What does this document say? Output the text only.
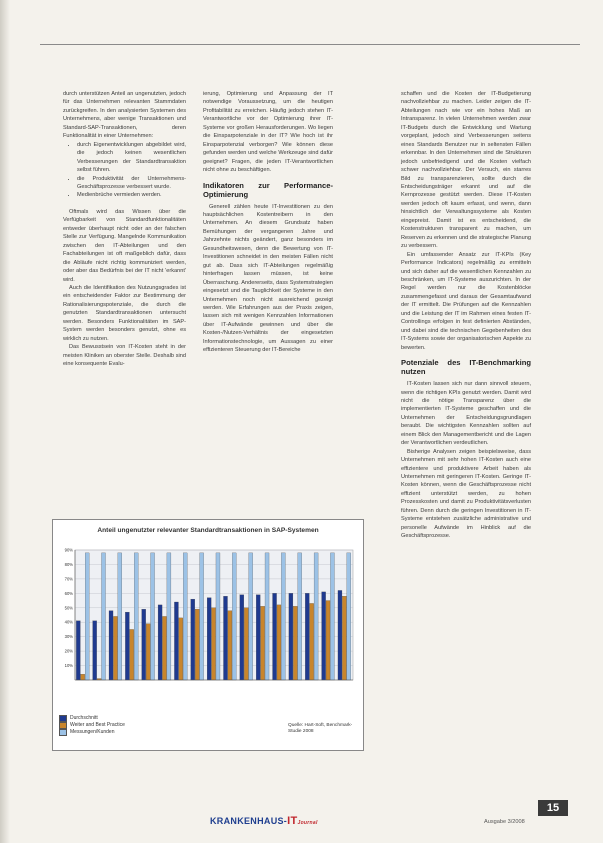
durch unterstützen Anteil an ungenutzten, jedoch für das Unternehmen relevanten Stammdaten zurückgreifen. In den analysierten Systemen des Unternehmens, aber wenige Transaktionen und Standard-SAP-Transaktionen, deren Funktionalität in einer Unternehmen:

• durch Eigenentwicklungen abgebildet wird, die jedoch keinen wesentlichen Verbesserungen der Standardtransaktion selbst führen.
• die Produktivität der Unternehmens-Geschäftsprozesse verbessert wurde.
• Medienbrüche vermieden werden.

Oftmals wird das Wissen über die Verfügbarkeit von Standardfunktionalitäten entweder überhaupt nicht oder an der falschen Stelle zur Verfügung. Mangelnde Kommunikation zwischen den IT-Abteilungen und den Fachabteilungen ist oft maßgeblich dafür, dass die Abläufe nicht richtig kommuniziert werden, oder aber das Bedürfnis bei der IT nicht 'erkannt' wird.

Auch die Identifikation des Nutzungsgrades ist ein entscheidender Faktor zur Bestimmung der Rationalisierungspotenziale, die durch die genutzten Standardtransaktionen untersucht werden. Besonders Funktionalitäten im SAP-System werden besonders genutzt, ohne es wirklich zu nutzen.

Das Bewusstsein von IT-Kosten steht in der meisten Kliniken an oberster Stelle. Deshalb sind eine konsequente Evalu-

ierung, Optimierung und Anpassung der IT notwendige Voraussetzung, um die heutigen Profitabilität zu erreichen. Häufig jedoch stehen IT-Verantwortliche vor der Optimierung ihrer IT-Systeme vor großen Herausforderungen. Wo liegen die Einsparpotenziale in der IT? Wie hoch ist ihr Einsparpotenzial verborgen? Wie können diese gefunden werden und welche Werkzeuge sind dafür geeignet? Fragen, die jeden IT-Verantwortlichen nicht ohne zu beschäftigen.

Indikatoren zur Performance-Optimierung

Generell zählen heute IT-Investitionen zu den hauptsächlichen Kostentreibern in den Unternehmen. An diesem Grundsatz haben Bemühungen der vergangenen Jahre und Jahrzehnte nichts geändert, ganz besonders im Gesundheitswesen, denn die Bewertung von IT-Investitionen schneidet in den meisten Fällen nicht gut ab. Dass sich IT-Abteilungen regelmäßig hinterfragen lassen müssen, ist keine Überraschung. Andererseits, dass Systemstrategien eingesetzt und die Tauglichkeit der Systeme in den Unternehmen noch nicht ausreichend gezeigt werden. Wie Erfahrungen aus der Praxis zeigen, lassen sich mit wenigen Kennzahlen Informationen über IT-Aufwände gewinnen und über die Kosten-/Nutzen-Verhältnis der eingesetzten Informationstechnologie, um Aussagen zu einer effizienteren Steuerung der IT-Bereiche

schaffen und die Kosten der IT-Budgetierung nachvollziehbar zu machen. Leider zeigen die IT-Abteilungen nach wie vor ein hohes Maß an Intransparenz. In vielen Unternehmen werden zwar IT-Budgets durch die Entwicklung und Wartung vorgeplant, jedoch sind Verbesserungen seitens eines Standards Benutzer nur in seltensten Fällen erkennbar. In den Unternehmen sind die Strukturen jedoch unbefriedigend und die Kosten vielfach schwer nachvollziehbar. Der Versuch, ein starres Bild zu transparenzieren, sollte durch die Entscheidungsträger erkannt und auf die Kernprozesse gestützt werden. Diese IT-Kosten werden jedoch oft kaum erfasst, und wenn, dann hinsichtlich der Verwaltungssysteme als Kosten eingepreist. Damit ist es entscheidend, die Kostenstrukturen transparent zu machen, um Reserven zu erkennen und die strategische Planung zu verbessern.

Ein umfassender Ansatz zur IT-KPIs (Key Performance Indicators) regelmäßig zu ermitteln und sich daher auf die wesentlichen Kennzahlen zu beschränken, um IT-Systeme auszurichten. In der Regel werden nur die Kostenblöcke zusammengefasst und daraus der Gesamtaufwand der IT ermittelt. Die Prüfungen auf die Kennzahlen und die Leistung der IT im Rahmen eines festen IT-Controllings erfolgen in fest definierten Abständen, und dabei sind die technischen Gegebenheiten des IT-Systems sowie der organisatorischen Aspekte zu bewerten.

Potenziale des IT-Benchmarking nutzen

IT-Kosten lassen sich nur dann sinnvoll steuern, wenn die richtigen KPIs genutzt werden. Damit wird nicht die nötige Transparenz über die implementierten IT-Systeme geschaffen und die Unternehmen der Entscheidungsgrundlagen beraubt. Die wichtigsten Kennzahlen sollten auf einem Blick den Managementbericht und die Lagen der Verantwortlichen verdeutlichen.

Bisherige Analysen zeigen beispielsweise, dass Unternehmen mit sehr hohen IT-Kosten auch eine effizientere und produktivere Arbeit haben als Unternehmen mit geringeren IT-Kosten. Geringe IT-Kosten können, wenn die Geschäftsprozesse nicht effizient unterstützt werden, zu hohen Prozesskosten und damit zu Produktivitätsverlusten führen. Denn durch die geringen Investitionen in IT-Systeme entstehen zusätzliche administrative und personelle Aufwände im Hinblick auf die Geschäftsprozesse.

Anteil ungenutzter relevanter Standardtransaktionen in SAP-Systemen
10%
20%
30%
40%
50%
60%
70%
80%
90%
Durchschnitt
Weiter and Best Practice
Messungen/Kunden
Quelle: Hart-Soft, Benchmark-Studie 2008
15
KRANKENHAUS-ITJournal	Ausgabe 3/2008
